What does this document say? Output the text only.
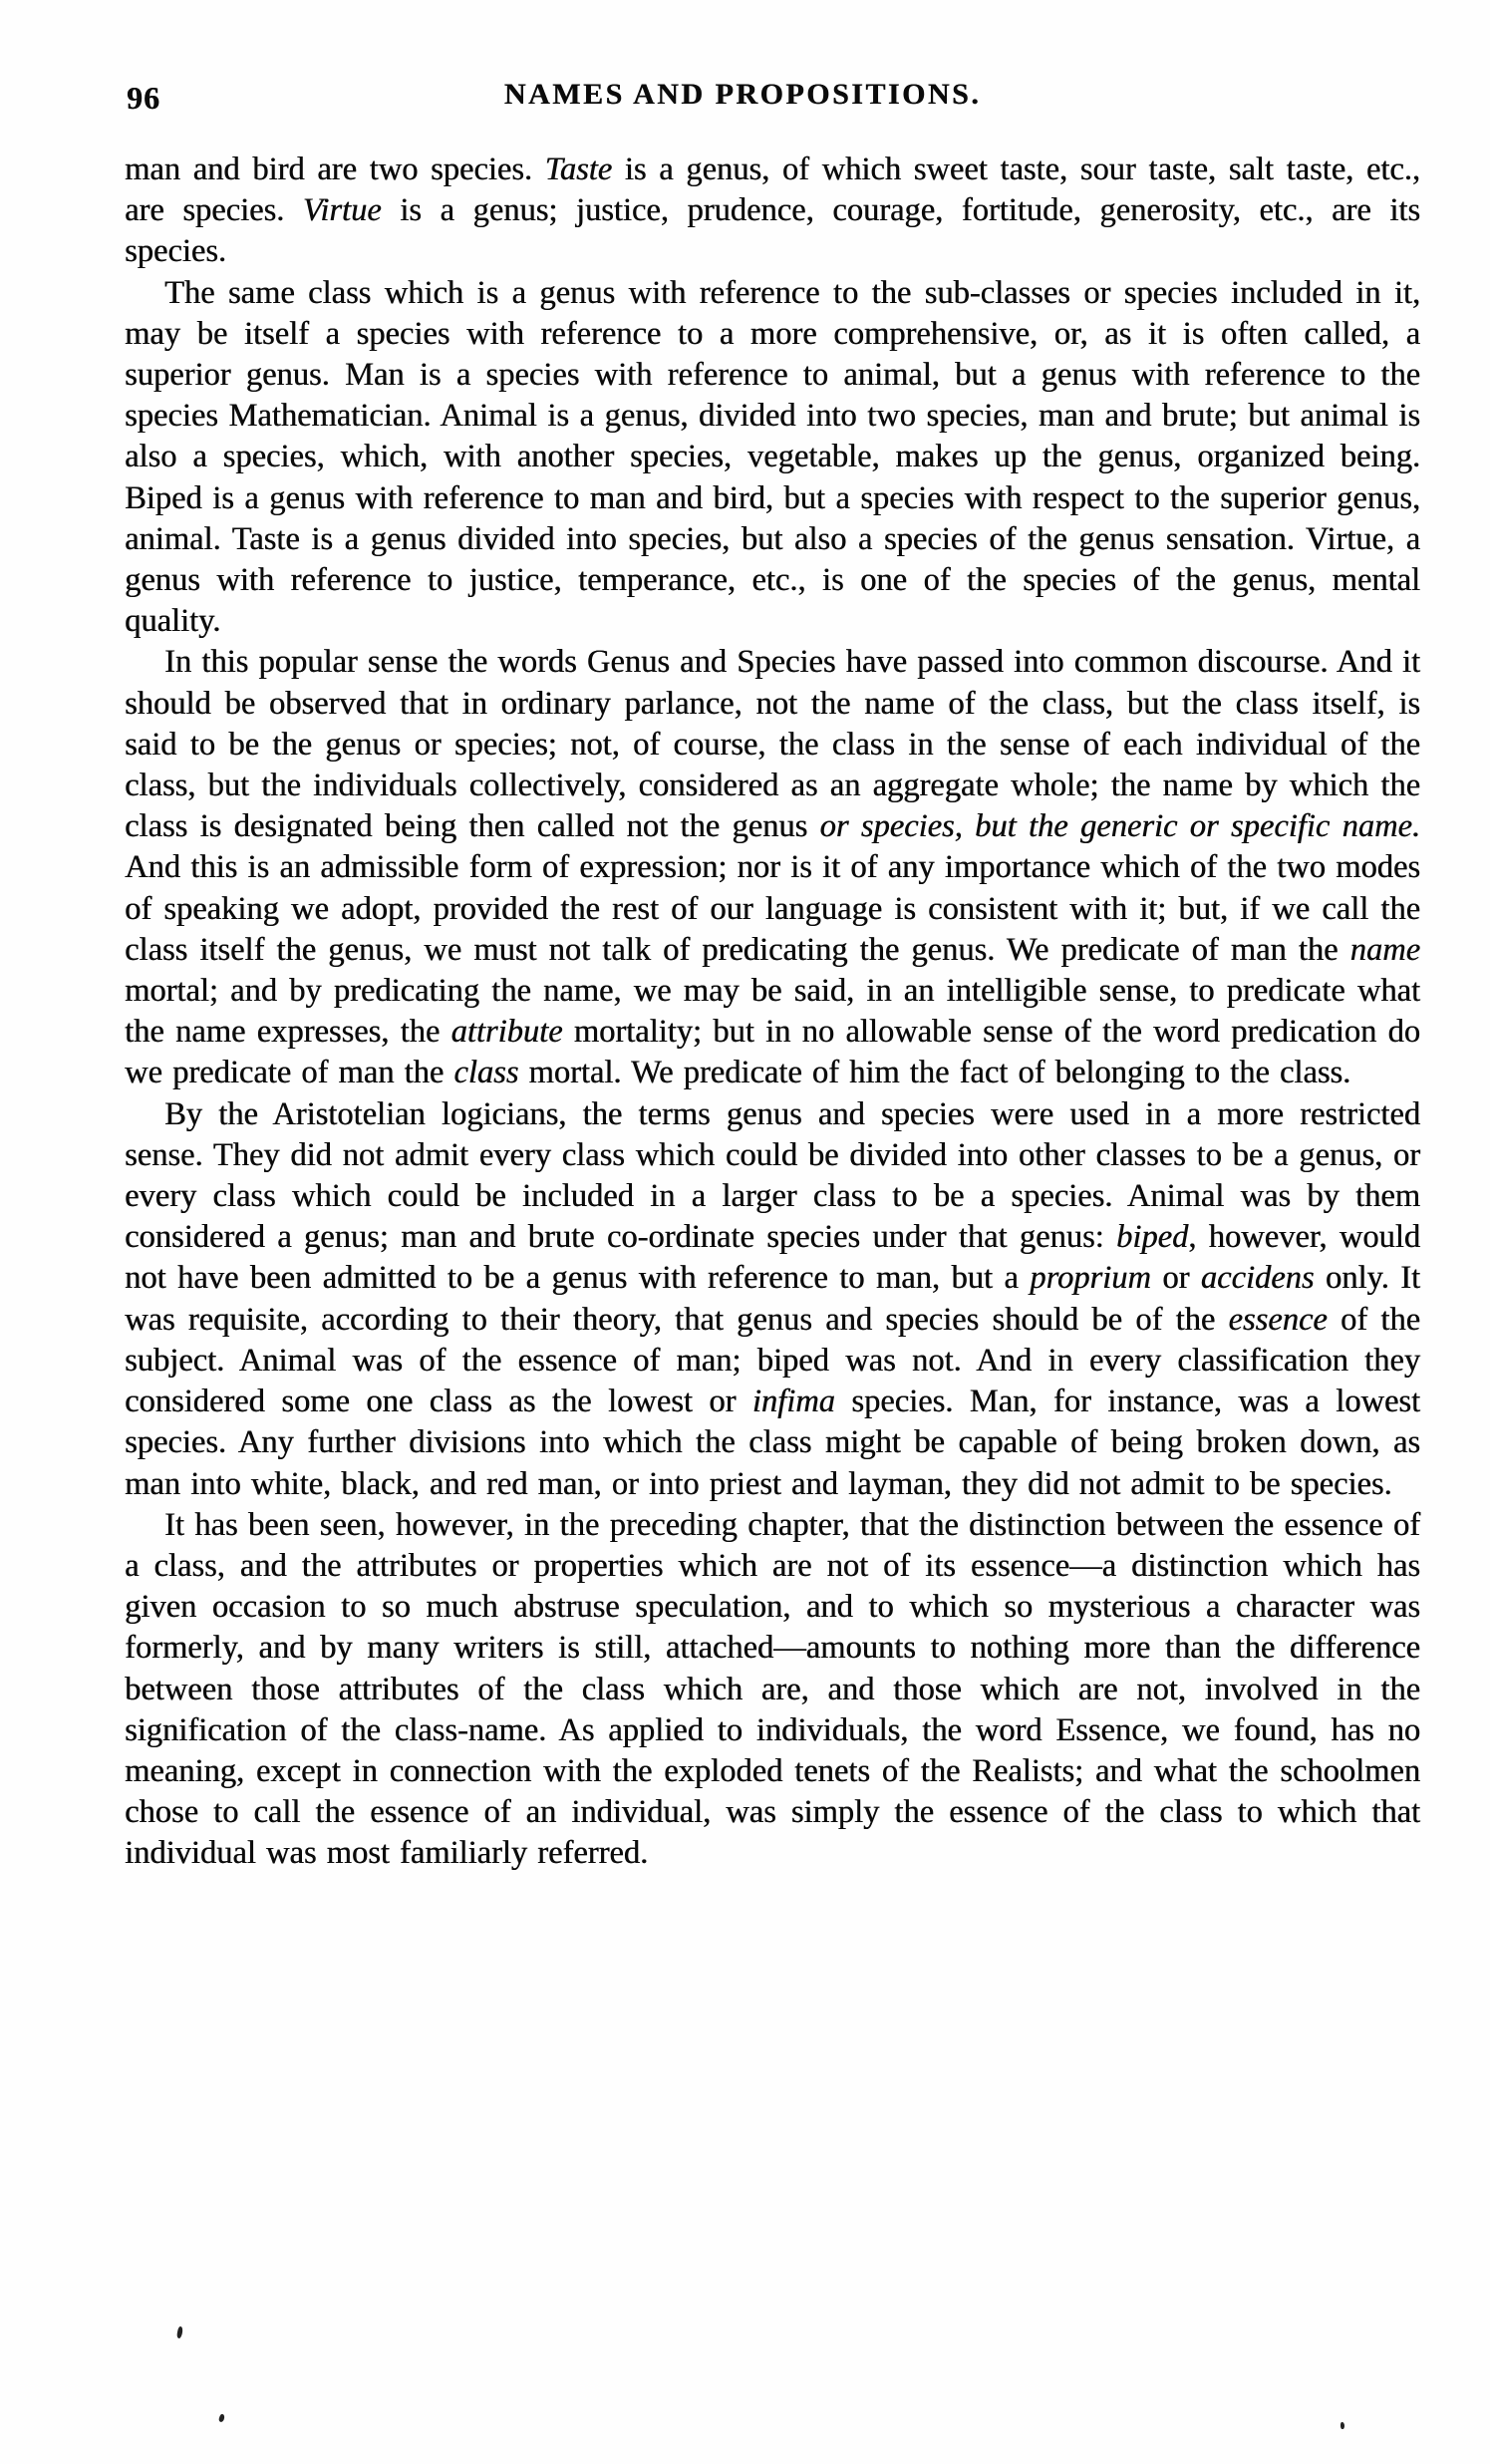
96	NAMES AND PROPOSITIONS.

man and bird are two species. Taste is a genus, of which sweet taste, sour taste, salt taste, etc., are species. Virtue is a genus; justice, prudence, courage, fortitude, generosity, etc., are its species.

The same class which is a genus with reference to the sub-classes or species included in it, may be itself a species with reference to a more comprehensive, or, as it is often called, a superior genus. Man is a species with reference to animal, but a genus with reference to the species Mathematician. Animal is a genus, divided into two species, man and brute; but animal is also a species, which, with another species, vegetable, makes up the genus, organized being. Biped is a genus with reference to man and bird, but a species with respect to the superior genus, animal. Taste is a genus divided into species, but also a species of the genus sensation. Virtue, a genus with reference to justice, temperance, etc., is one of the species of the genus, mental quality.

In this popular sense the words Genus and Species have passed into common discourse. And it should be observed that in ordinary parlance, not the name of the class, but the class itself, is said to be the genus or species; not, of course, the class in the sense of each individual of the class, but the individuals collectively, considered as an aggregate whole; the name by which the class is designated being then called not the genus or species, but the generic or specific name. And this is an admissible form of expression; nor is it of any importance which of the two modes of speaking we adopt, provided the rest of our language is consistent with it; but, if we call the class itself the genus, we must not talk of predicating the genus. We predicate of man the name mortal; and by predicating the name, we may be said, in an intelligible sense, to predicate what the name expresses, the attribute mortality; but in no allowable sense of the word predication do we predicate of man the class mortal. We predicate of him the fact of belonging to the class.

By the Aristotelian logicians, the terms genus and species were used in a more restricted sense. They did not admit every class which could be divided into other classes to be a genus, or every class which could be included in a larger class to be a species. Animal was by them considered a genus; man and brute co-ordinate species under that genus: biped, however, would not have been admitted to be a genus with reference to man, but a proprium or accidens only. It was requisite, according to their theory, that genus and species should be of the essence of the subject. Animal was of the essence of man; biped was not. And in every classification they considered some one class as the lowest or infima species. Man, for instance, was a lowest species. Any further divisions into which the class might be capable of being broken down, as man into white, black, and red man, or into priest and layman, they did not admit to be species.

It has been seen, however, in the preceding chapter, that the distinction between the essence of a class, and the attributes or properties which are not of its essence—a distinction which has given occasion to so much abstruse speculation, and to which so mysterious a character was formerly, and by many writers is still, attached—amounts to nothing more than the difference between those attributes of the class which are, and those which are not, involved in the signification of the class-name. As applied to individuals, the word Essence, we found, has no meaning, except in connection with the exploded tenets of the Realists; and what the schoolmen chose to call the essence of an individual, was simply the essence of the class to which that individual was most familiarly referred.
